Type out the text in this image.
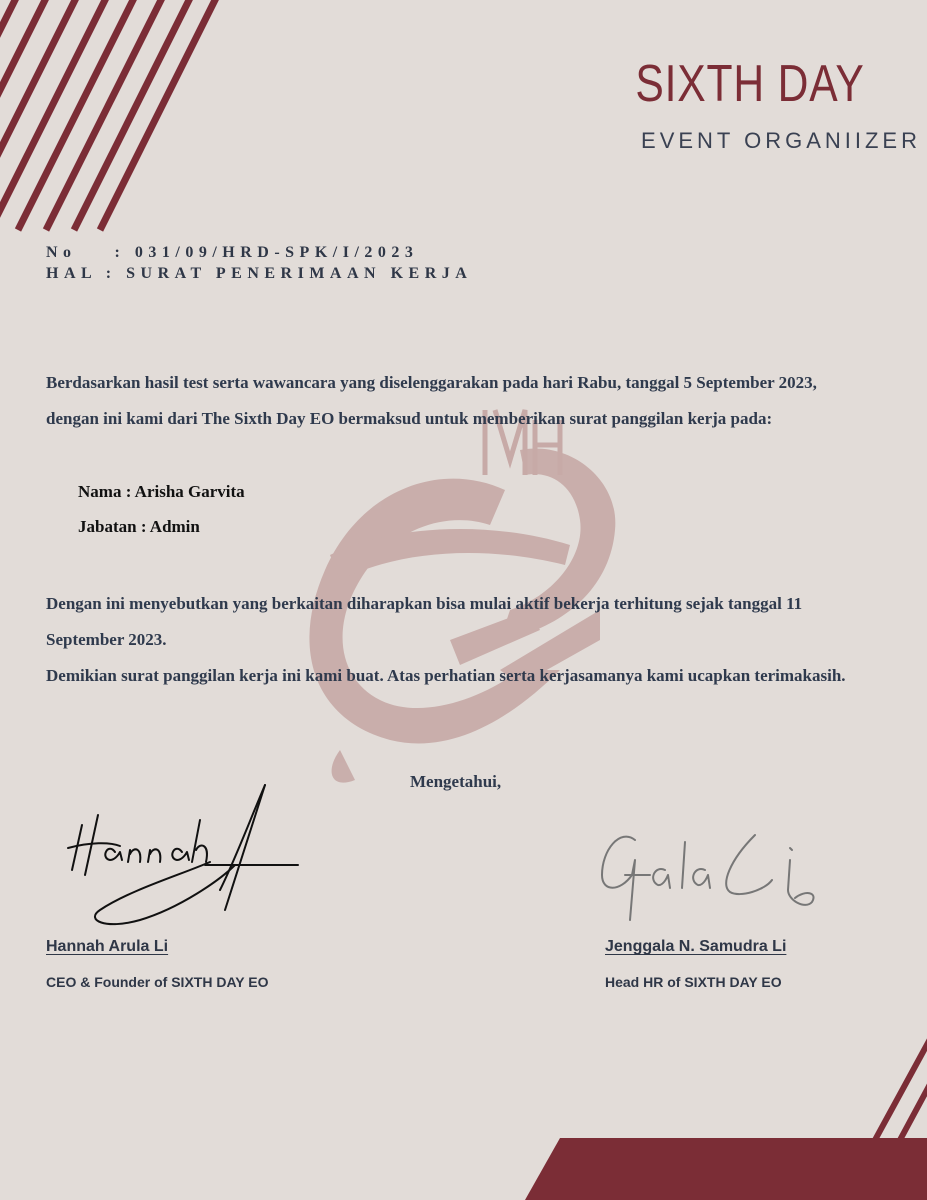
SIXTH DAY
EVENT ORGANIIZER
No    : 031/09/HRD-SPK/I/2023
HAL : SURAT PENERIMAAN KERJA
Berdasarkan hasil test serta wawancara yang diselenggarakan pada hari Rabu, tanggal 5 September 2023, dengan ini kami dari The Sixth Day EO bermaksud untuk memberikan surat panggilan kerja pada:
Nama : Arisha Garvita
Jabatan : Admin
Dengan ini menyebutkan yang berkaitan diharapkan bisa mulai aktif bekerja terhitung sejak tanggal 11 September 2023.
Demikian surat panggilan kerja ini kami buat. Atas perhatian serta kerjasamanya kami ucapkan terimakasih.
Mengetahui,
Hannah Arula Li
CEO & Founder of SIXTH DAY EO
Jenggala N. Samudra Li
Head HR of SIXTH DAY EO
